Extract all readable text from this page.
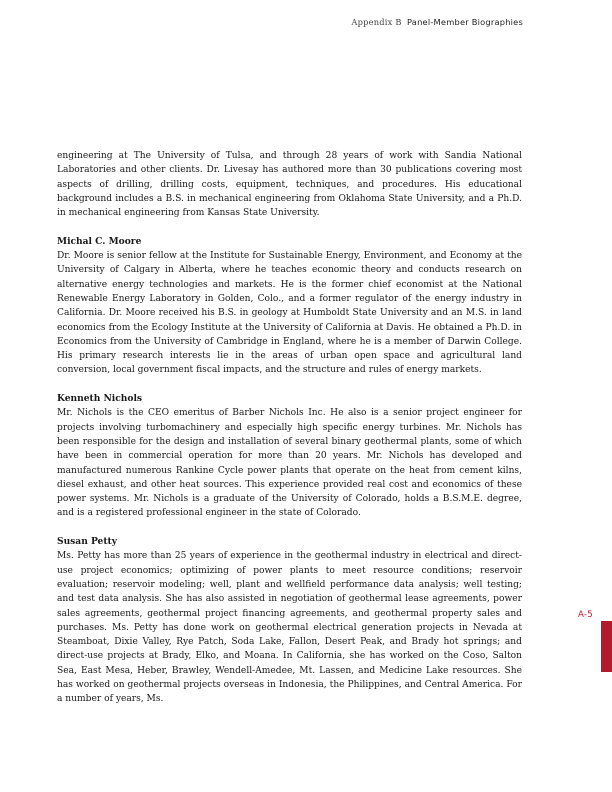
Appendix B Panel-Member Biographies

engineering at The University of Tulsa, and through 28 years of work with Sandia National Laboratories and other clients. Dr. Livesay has authored more than 30 publications covering most aspects of drilling, drilling costs, equipment, techniques, and procedures. His educational background includes a B.S. in mechanical engineering from Oklahoma State University, and a Ph.D. in mechanical engineering from Kansas State University.

Michal C. Moore

Dr. Moore is senior fellow at the Institute for Sustainable Energy, Environment, and Economy at the University of Calgary in Alberta, where he teaches economic theory and conducts research on alternative energy technologies and markets. He is the former chief economist at the National Renewable Energy Laboratory in Golden, Colo., and a former regulator of the energy industry in California. Dr. Moore received his B.S. in geology at Humboldt State University and an M.S. in land economics from the Ecology Institute at the University of California at Davis. He obtained a Ph.D. in Economics from the University of Cambridge in England, where he is a member of Darwin College. His primary research interests lie in the areas of urban open space and agricultural land conversion, local government fiscal impacts, and the structure and rules of energy markets.

Kenneth Nichols

Mr. Nichols is the CEO emeritus of Barber Nichols Inc. He also is a senior project engineer for projects involving turbomachinery and especially high specific energy turbines. Mr. Nichols has been responsible for the design and installation of several binary geothermal plants, some of which have been in commercial operation for more than 20 years. Mr. Nichols has developed and manufactured numerous Rankine Cycle power plants that operate on the heat from cement kilns, diesel exhaust, and other heat sources. This experience provided real cost and economics of these power systems. Mr. Nichols is a graduate of the University of Colorado, holds a B.S.M.E. degree, and is a registered professional engineer in the state of Colorado.

Susan Petty

Ms. Petty has more than 25 years of experience in the geothermal industry in electrical and direct-use project economics; optimizing of power plants to meet resource conditions; reservoir evaluation; reservoir modeling; well, plant and wellfield performance data analysis; well testing; and test data analysis. She has also assisted in negotiation of geothermal lease agreements, power sales agreements, geothermal project financing agreements, and geothermal property sales and purchases. Ms. Petty has done work on geothermal electrical generation projects in Nevada at Steamboat, Dixie Valley, Rye Patch, Soda Lake, Fallon, Desert Peak, and Brady hot springs; and direct-use projects at Brady, Elko, and Moana. In California, she has worked on the Coso, Salton Sea, East Mesa, Heber, Brawley, Wendell-Amedee, Mt. Lassen, and Medicine Lake resources. She has worked on geothermal projects overseas in Indonesia, the Philippines, and Central America. For a number of years, Ms.

A-5
